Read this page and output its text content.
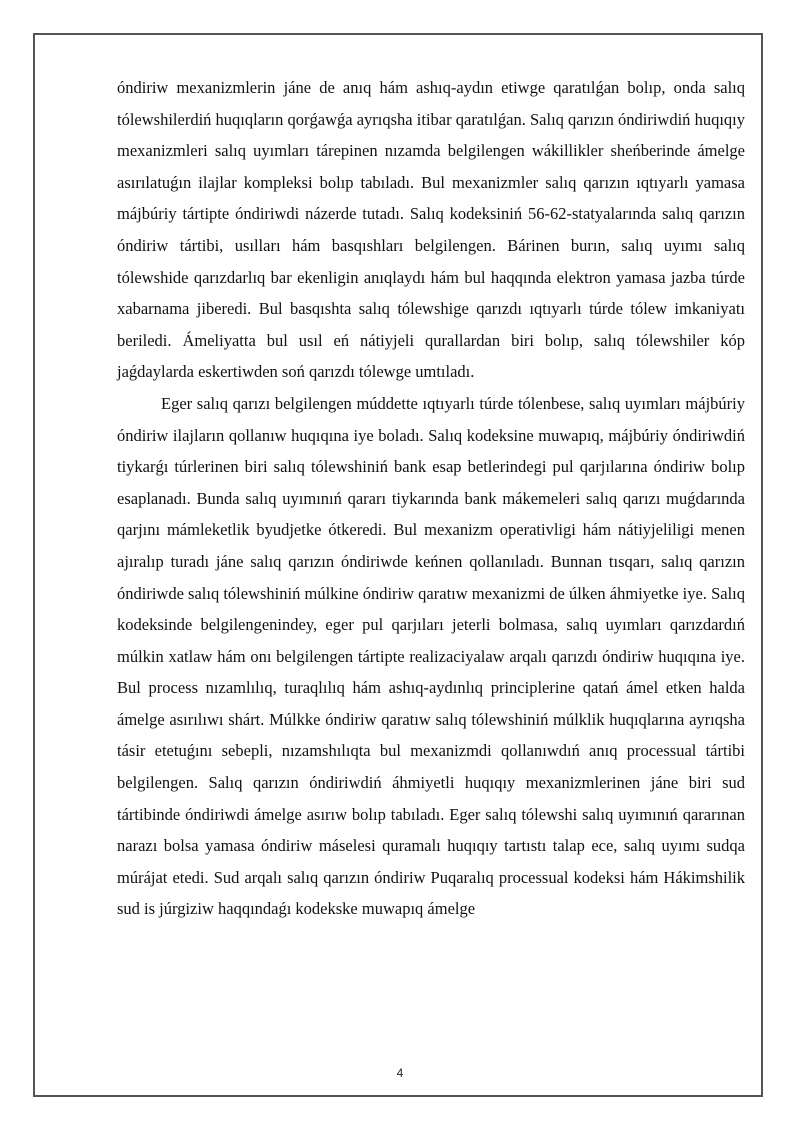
óndiriw mexanizmlerin jáne de anıq hám ashıq-aydın etiwge qaratılǵan bolıp, onda salıq tólewshilerdiń huqıqların qorǵawǵa ayrıqsha itibar qaratılǵan. Salıq qarızın óndiriwdiń huqıqıy mexanizmleri salıq uyımları tárepinen nızamda belgilengen wákillikler sheńberinde ámelge asırılatuǵın ilajlar kompleksi bolıp tabıladı. Bul mexanizmler salıq qarızın ıqtıyarlı yamasa májbúriy tártipte óndiriwdi názerde tutadı. Salıq kodeksiniń 56-62-statyalarında salıq qarızın óndiriw tártibi, usılları hám basqıshları belgilengen. Bárinen burın, salıq uyımı salıq tólewshide qarızdarlıq bar ekenligin anıqlaydı hám bul haqqında elektron yamasa jazba túrde xabarnama jiberedi. Bul basqıshta salıq tólewshige qarızdı ıqtıyarlı túrde tólew imkaniyatı beriledi. Ámeliyatta bul usıl eń nátiyjeli qurallardan biri bolıp, salıq tólewshiler kóp jaǵdaylarda eskertiwden soń qarızdı tólewge umtıladı.

Eger salıq qarızı belgilengen múddette ıqtıyarlı túrde tólenbese, salıq uyımları májbúriy óndiriw ilajların qollanıw huqıqına iye boladı. Salıq kodeksine muwapıq, májbúriy óndiriwdiń tiykarǵı túrlerinen biri salıq tólewshiniń bank esap betlerindegi pul qarjılarına óndiriw bolıp esaplanadı. Bunda salıq uyımınıń qararı tiykarında bank mákemeleri salıq qarızı muǵdarında qarjını mámleketlik byudjetke ótkeredi. Bul mexanizm operativligi hám nátiyjeliligi menen ajıralıp turadı jáne salıq qarızın óndiriwde keńnen qollanıladı. Bunnan tısqarı, salıq qarızın óndiriwde salıq tólewshiniń múlkine óndiriw qaratıw mexanizmi de úlken áhmiyetke iye. Salıq kodeksinde belgilengenindey, eger pul qarjıları jeterli bolmasa, salıq uyımları qarızdardıń múlkin xatlaw hám onı belgilengen tártipte realizaciyalaw arqalı qarızdı óndiriw huqıqına iye. Bul process nızamlılıq, turaqlılıq hám ashıq-aydınlıq principlerine qatań ámel etken halda ámelge asırılıwı shárt. Múlkke óndiriw qaratıw salıq tólewshiniń múlklik huqıqlarına ayrıqsha tásir etetuǵını sebepli, nızamshılıqta bul mexanizmdi qollanıwdıń anıq processual tártibi belgilengen. Salıq qarızın óndiriwdiń áhmiyetli huqıqıy mexanizmlerinen jáne biri sud tártibinde óndiriwdi ámelge asırıw bolıp tabıladı. Eger salıq tólewshi salıq uyımınıń qararınan narazı bolsa yamasa óndiriw máselesi quramalı huqıqıy tartıstı talap ece, salıq uyımı sudqa múrájat etedi. Sud arqalı salıq qarızın óndiriw Puqaralıq processual kodeksi hám Hákimshilik sud is júrgiziw haqqındaǵı kodekske muwapıq ámelge

4
